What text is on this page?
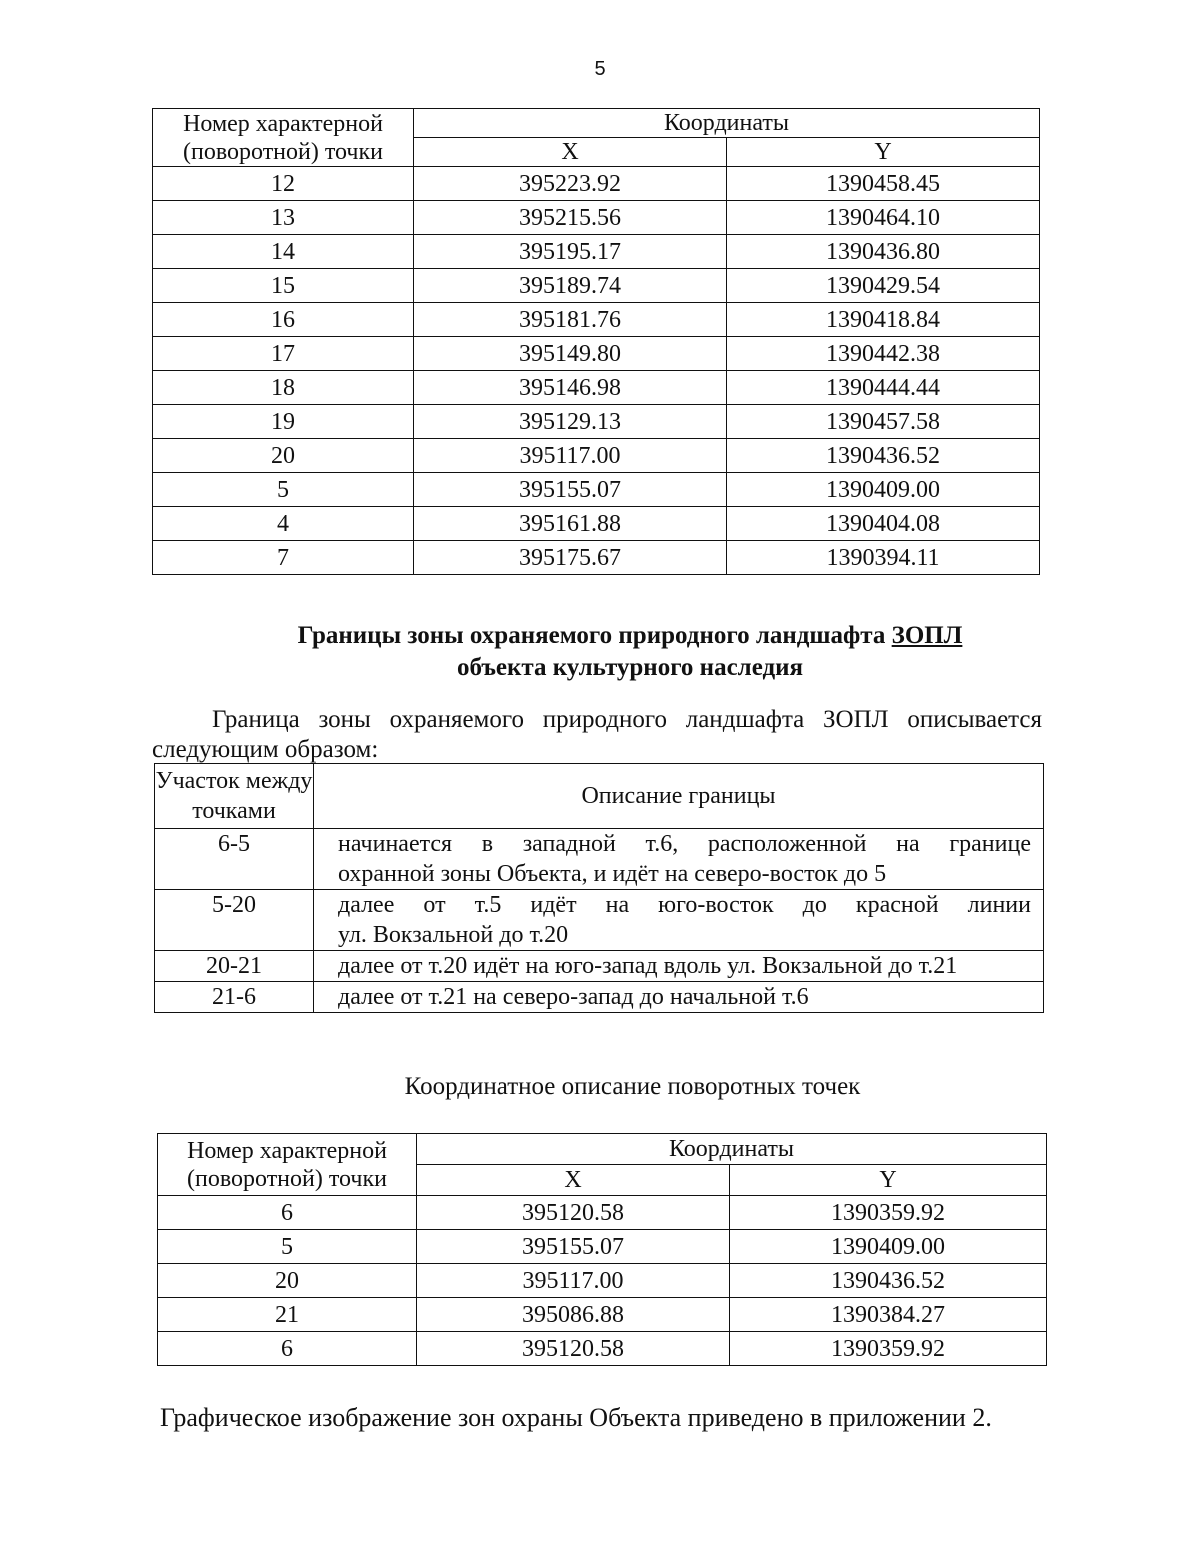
5
Номер характерной (поворотной) точки	Координаты	
	X	Y
12	395223.92	1390458.45
13	395215.56	1390464.10
14	395195.17	1390436.80
15	395189.74	1390429.54
16	395181.76	1390418.84
17	395149.80	1390442.38
18	395146.98	1390444.44
19	395129.13	1390457.58
20	395117.00	1390436.52
5	395155.07	1390409.00
4	395161.88	1390404.08
7	395175.67	1390394.11
Границы зоны охраняемого природного ландшафта ЗОПЛ
объекта культурного наследия
Граница зоны охраняемого природного ландшафта ЗОПЛ описывается
следующим образом:
Участок между точками	Описание границы
6-5	начинается в западной т.6, расположенной на границе
охранной зоны Объекта, и идёт на северо-восток до 5

5-20	далее от т.5 идёт на юго-восток до красной линии
ул. Вокзальной до т.20

20-21	далее от т.20 идёт на юго-запад вдоль ул. Вокзальной до т.21

21-6	далее от т.21 на северо-запад до начальной т.6
Координатное описание поворотных точек
Номер характерной (поворотной) точки	Координаты	
	X	Y
6	395120.58	1390359.92
5	395155.07	1390409.00
20	395117.00	1390436.52
21	395086.88	1390384.27
6	395120.58	1390359.92
Графическое изображение зон охраны Объекта приведено в приложении 2.
